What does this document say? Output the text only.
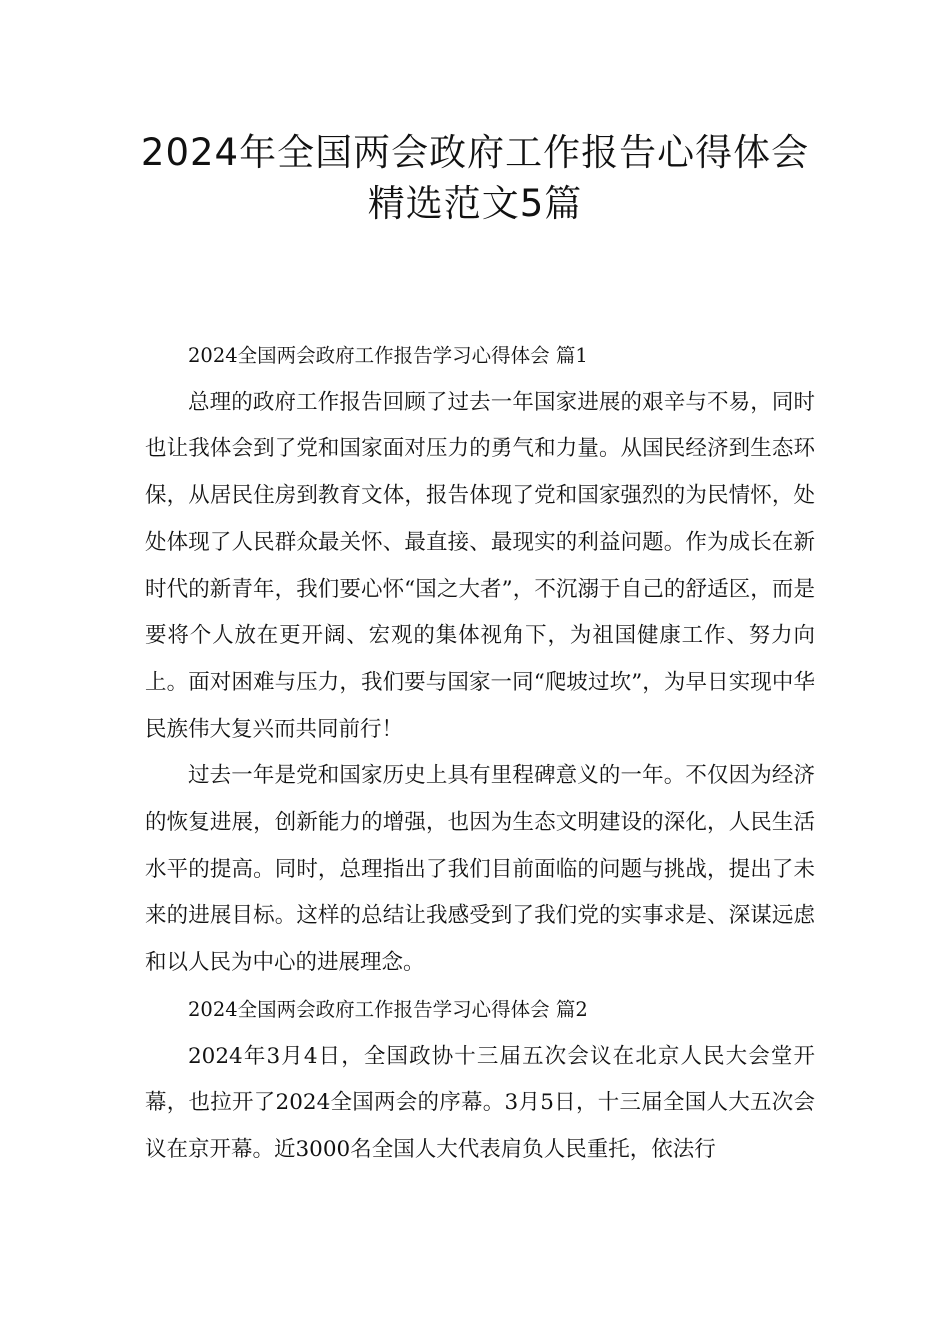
2024年全国两会政府工作报告心得体会
精选范文5篇

2024全国两会政府工作报告学习心得体会 篇1

总理的政府工作报告回顾了过去一年国家进展的艰辛与不易，同时也让我体会到了党和国家面对压力的勇气和力量。从国民经济到生态环保，从居民住房到教育文体，报告体现了党和国家强烈的为民情怀，处处体现了人民群众最关怀、最直接、最现实的利益问题。作为成长在新时代的新青年，我们要心怀“国之大者”，不沉溺于自己的舒适区，而是要将个人放在更开阔、宏观的集体视角下，为祖国健康工作、努力向上。面对困难与压力，我们要与国家一同“爬坡过坎”，为早日实现中华民族伟大复兴而共同前行！

过去一年是党和国家历史上具有里程碑意义的一年。不仅因为经济的恢复进展，创新能力的增强，也因为生态文明建设的深化，人民生活水平的提高。同时，总理指出了我们目前面临的问题与挑战，提出了未来的进展目标。这样的总结让我感受到了我们党的实事求是、深谋远虑和以人民为中心的进展理念。

2024全国两会政府工作报告学习心得体会 篇2

2024年3月4日，全国政协十三届五次会议在北京人民大会堂开幕，也拉开了2024全国两会的序幕。3月5日，十三届全国人大五次会议在京开幕。近3000名全国人大代表肩负人民重托，依法行
